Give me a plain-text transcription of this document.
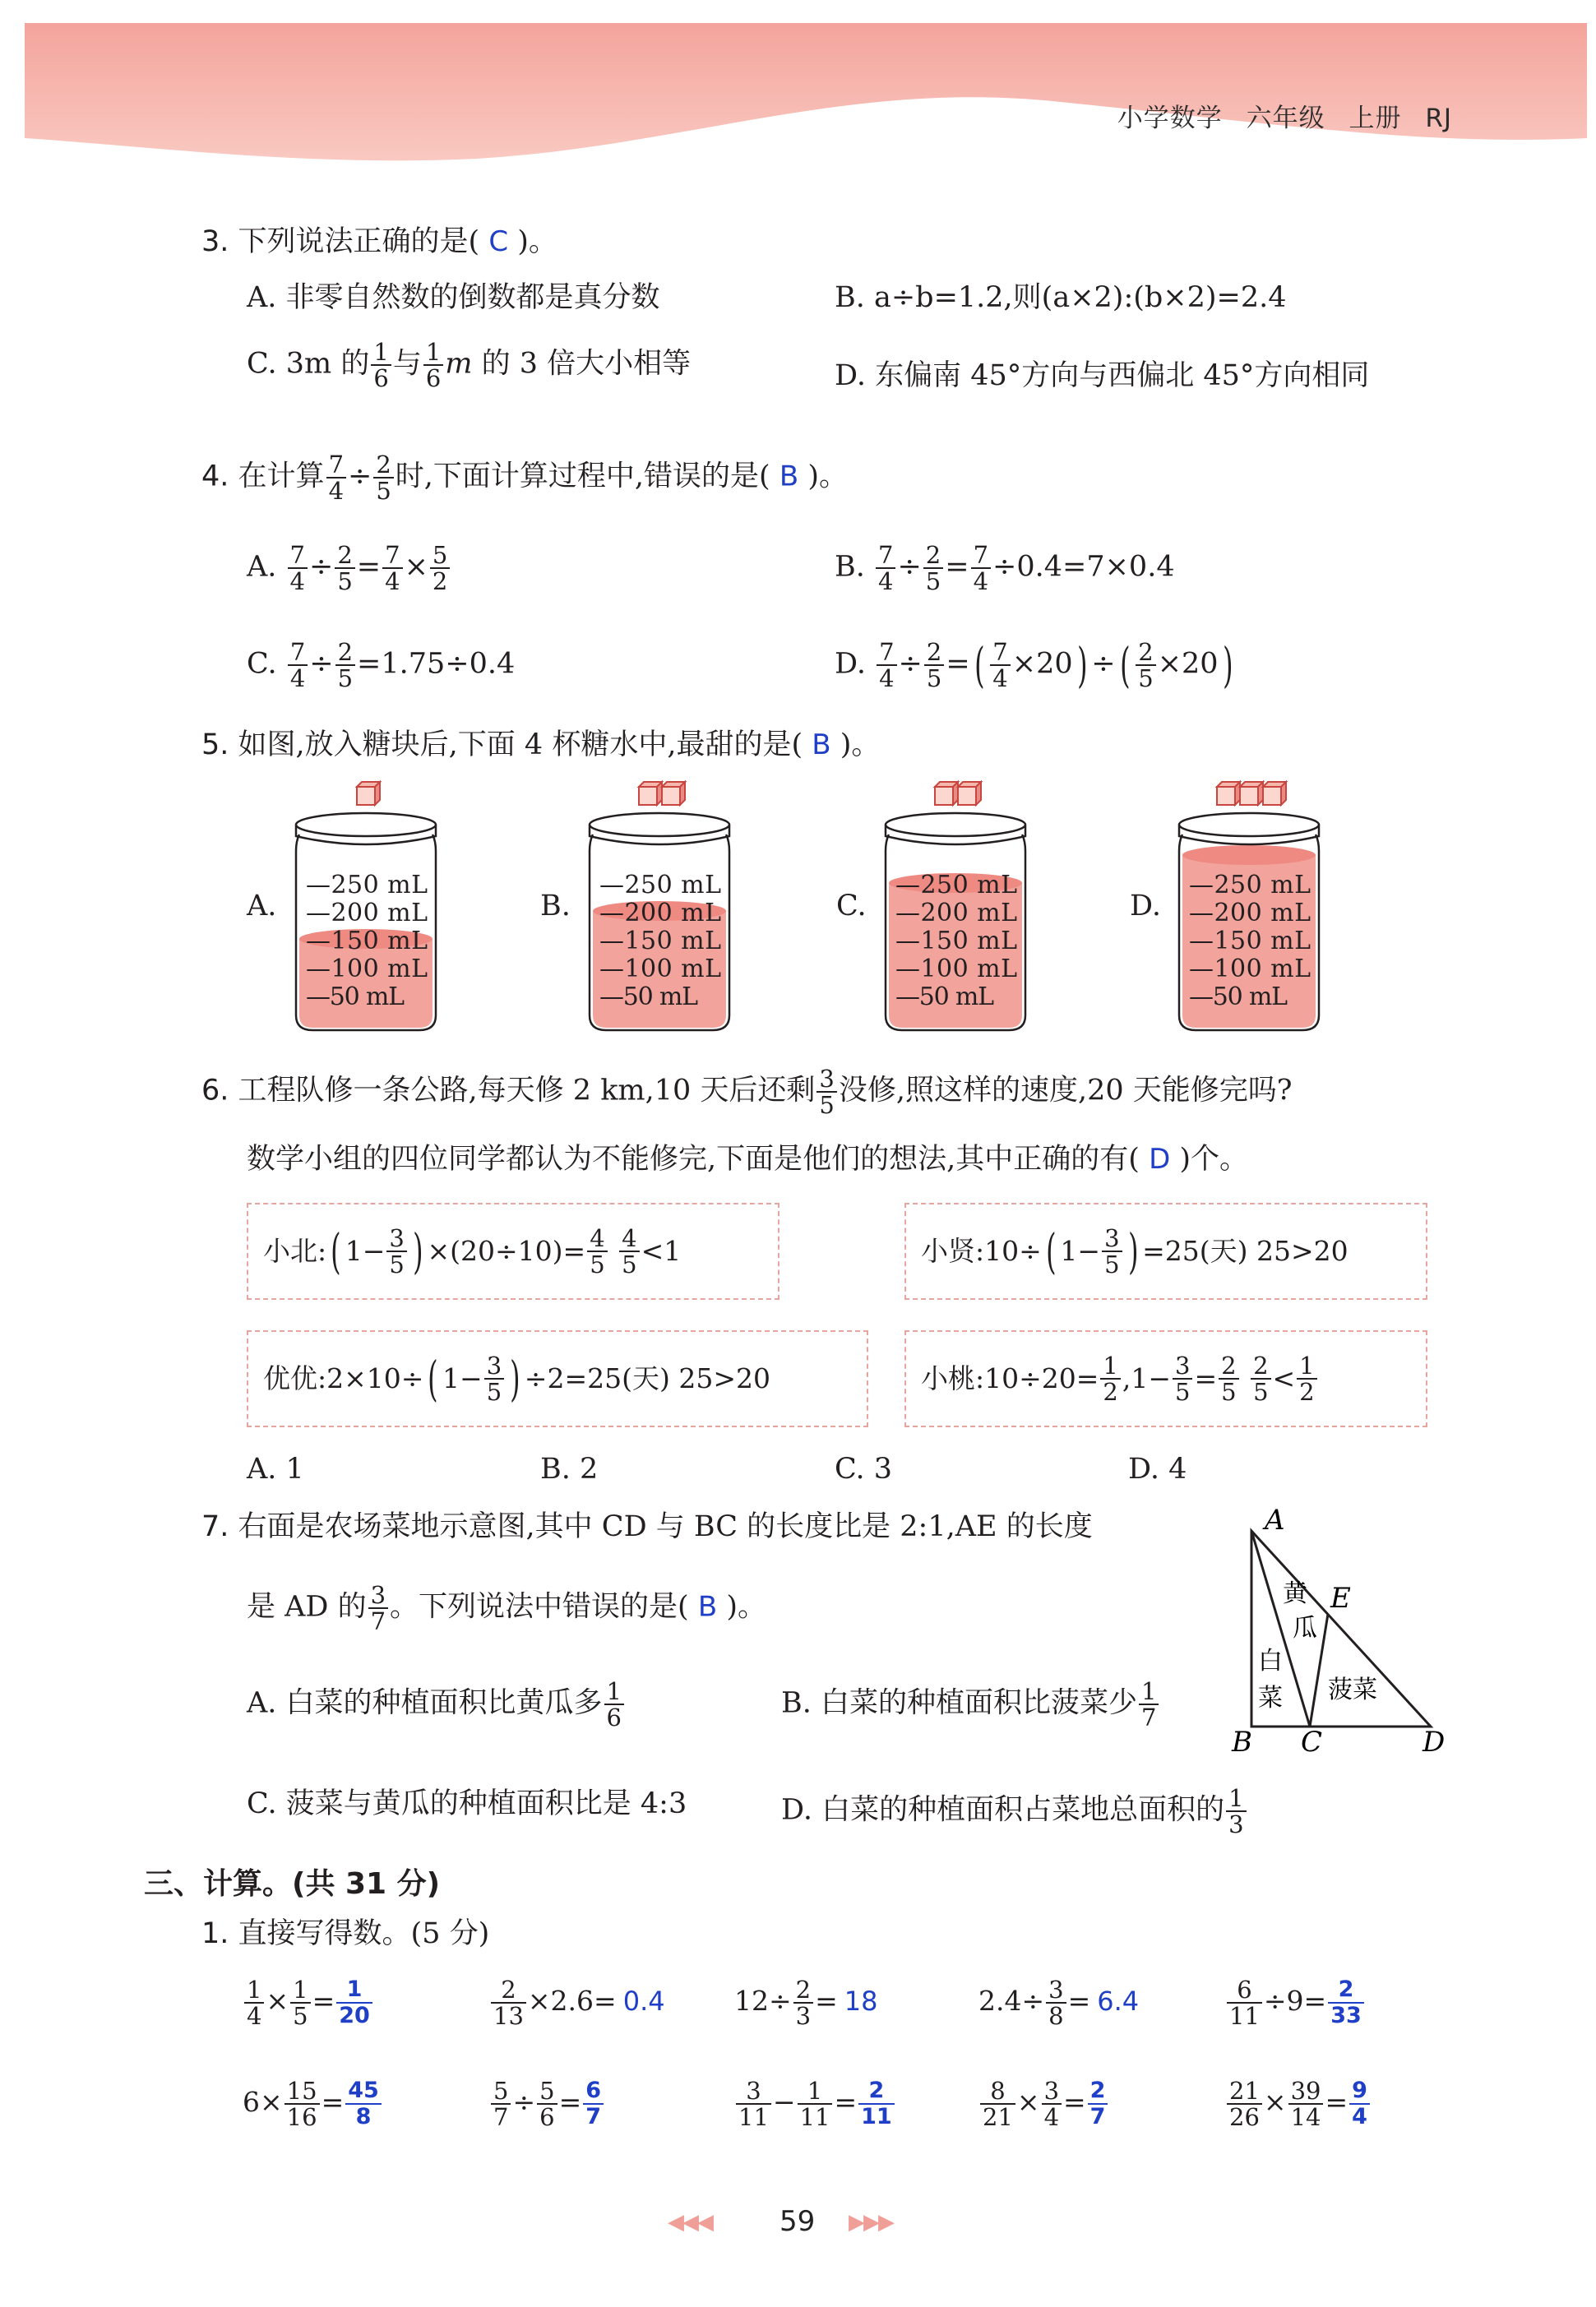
小学数学 六年级 上册 RJ
3. 下列说法正确的是( C )。
A. 非零自然数的倒数都是真分数	B. a÷b=1.2,则(a×2):(b×2)=2.4
C. 3m 的 $\frac{1}{6}$ 与 $\frac{1}{6}$ m 的 3 倍大小相等	D. 东偏南 45°方向与西偏北 45°方向相同
4. 在计算 $\frac{7}{4} \div \frac{2}{5}$ 时,下面计算过程中,错误的是( B )。
A. $\frac{7}{4} \div \frac{2}{5} = \frac{7}{4} \times \frac{5}{2}$	B. $\frac{7}{4} \div \frac{2}{5} = \frac{7}{4} \div 0.4=7\times 0.4$
C. $\frac{7}{4} \div \frac{2}{5} =1.75\div 0.4$	D. $\frac{7}{4} \div \frac{2}{5}$ =( $\frac{7}{4} \times 20$) ÷( $\frac{2}{5} \times 20$)
5. 如图,放入糖块后,下面 4 杯糖水中,最甜的是( B )。
A.	B.	C.	D.
—250 mL
—200 mL
—150 mL
—100 mL
—50 mL
—250 mL
—200 mL
—150 mL
—100 mL
—50 mL
—250 mL
—200 mL
—150 mL
—100 mL
—50 mL
—250 mL
—200 mL
—150 mL
—100 mL
—50 mL
6. 工程队修一条公路,每天修 2 km,10 天后还剩 $\frac{3}{5}$ 没修,照这样的速度,20 天能修完吗?
数学小组的四位同学都认为不能修完,下面是他们的想法,其中正确的有( D )个。
小北: ( $1- \frac{3}{5}$ ) $\times(20\div 10)= \frac{4}{5}$
$\frac{4}{5} <1$	小贤:10÷ ( $1- \frac{3}{5}$ ) =25(天) 25>20
优优:2×10÷ ( $1- \frac{3}{5}$ ) ÷2=25(天) 25>20	小桃:10÷20= $\frac{1}{2} ,1- \frac{3}{5} = \frac{2}{5}$
$\frac{2}{5} < \frac{1}{2}$
A. 1	B. 2	C. 3	D. 4
7. 右面是农场菜地示意图,其中 CD 与 BC 的长度比是 2:1,AE 的长度
是 AD 的 $\frac{3}{7}$ 。下列说法中错误的是( B )。
A. 白菜的种植面积比黄瓜多 $\frac{1}{6}$	B. 白菜的种植面积比菠菜少 $\frac{1}{7}$
C. 菠菜与黄瓜的种植面积比是 4:3	D. 白菜的种植面积占菜地总面积的 $\frac{1}{3}$
A
B C	D
E
黄
瓜
白
菜 菠菜
三、计算。(共 31 分)
1. 直接写得数。(5 分)
$\frac{1}{4} \times \frac{1}{5} = \frac{1}{20}$	$\frac{2}{13} \times 2.6= 0.4$	$12\div \frac{2}{3} = 18$	$2.4\div \frac{3}{8} = 6.4$	$\frac{6}{11} \div 9= \frac{2}{33}$
$6\times \frac{15}{16} = \frac{45}{8}$	$\frac{5}{7} \div \frac{5}{6} = \frac{6}{7}$	$\frac{3}{11} - \frac{1}{11} = \frac{2}{11}$	$\frac{8}{21} \times \frac{3}{4} = \frac{2}{7}$	$\frac{21}{26} \times \frac{39}{14} = \frac{9}{4}$
◀◀◀ 59 ▶▶▶
